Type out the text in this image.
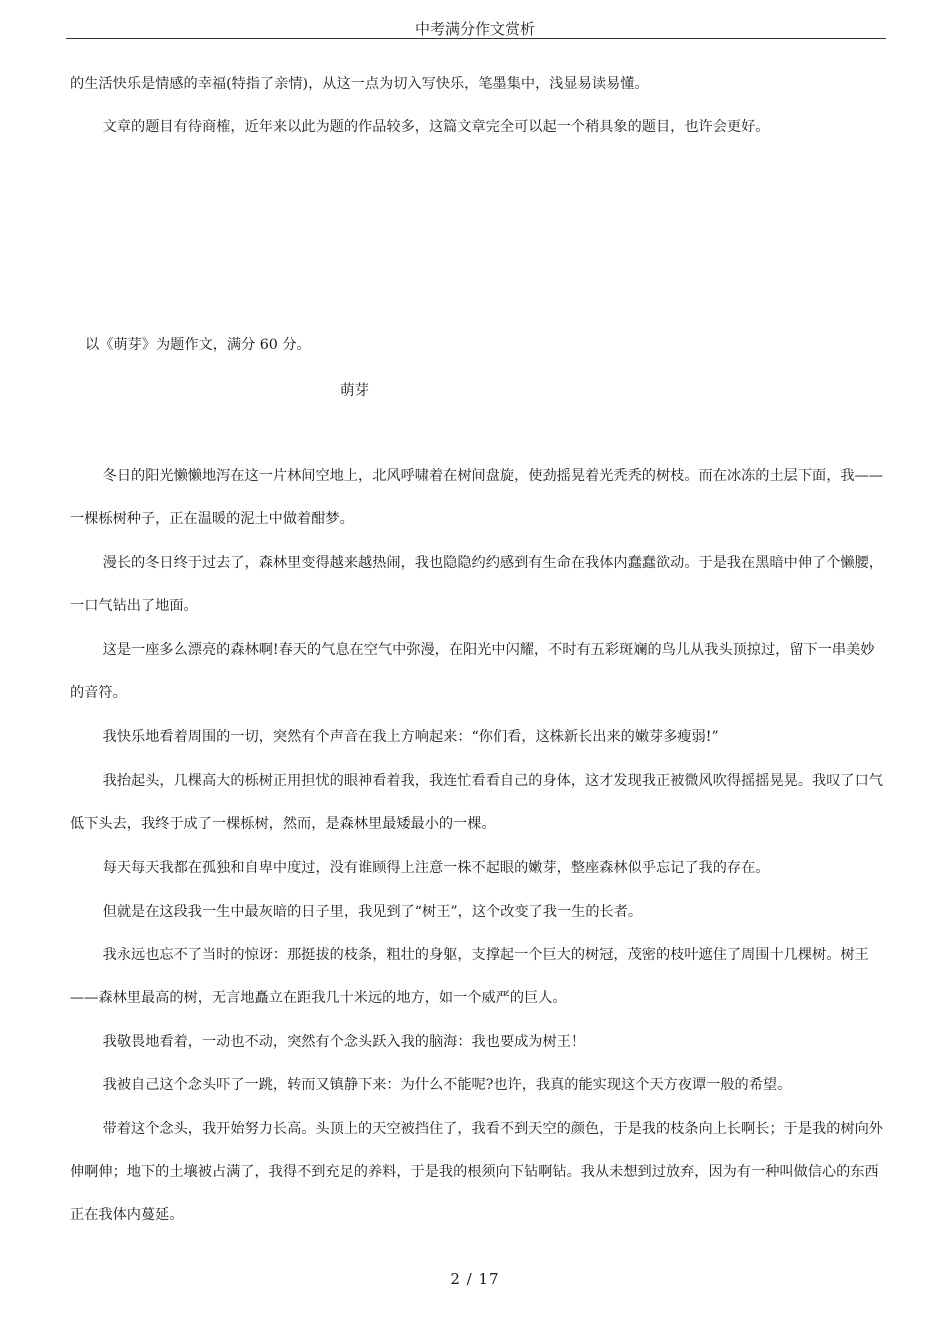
中考满分作文赏析

的生活快乐是情感的幸福(特指了亲情)，从这一点为切入写快乐，笔墨集中，浅显易读易懂。

文章的题目有待商榷，近年来以此为题的作品较多，这篇文章完全可以起一个稍具象的题目，也许会更好。

以《萌芽》为题作文，满分 60 分。
萌芽

冬日的阳光懒懒地泻在这一片林间空地上，北风呼啸着在树间盘旋，使劲摇晃着光秃秃的树枝。而在冰冻的土层下面，我——一棵栎树种子，正在温暖的泥土中做着酣梦。

漫长的冬日终于过去了，森林里变得越来越热闹，我也隐隐约约感到有生命在我体内蠢蠢欲动。于是我在黑暗中伸了个懒腰，一口气钻出了地面。

这是一座多么漂亮的森林啊!春天的气息在空气中弥漫，在阳光中闪耀，不时有五彩斑斓的鸟儿从我头顶掠过，留下一串美妙的音符。

我快乐地看着周围的一切，突然有个声音在我上方响起来：“你们看，这株新长出来的嫩芽多瘦弱!”

我抬起头，几棵高大的栎树正用担忧的眼神看着我，我连忙看看自己的身体，这才发现我正被微风吹得摇摇晃晃。我叹了口气低下头去，我终于成了一棵栎树，然而，是森林里最矮最小的一棵。

每天每天我都在孤独和自卑中度过，没有谁顾得上注意一株不起眼的嫩芽，整座森林似乎忘记了我的存在。

但就是在这段我一生中最灰暗的日子里，我见到了“树王”，这个改变了我一生的长者。

我永远也忘不了当时的惊讶：那挺拔的枝条，粗壮的身躯，支撑起一个巨大的树冠，茂密的枝叶遮住了周围十几棵树。树王——森林里最高的树，无言地矗立在距我几十米远的地方，如一个威严的巨人。

我敬畏地看着，一动也不动，突然有个念头跃入我的脑海：我也要成为树王！

我被自己这个念头吓了一跳，转而又镇静下来：为什么不能呢?也许，我真的能实现这个天方夜谭一般的希望。

带着这个念头，我开始努力长高。头顶上的天空被挡住了，我看不到天空的颜色，于是我的枝条向上长啊长；于是我的树向外伸啊伸；地下的土壤被占满了，我得不到充足的养料，于是我的根须向下钻啊钻。我从未想到过放弃，因为有一种叫做信心的东西正在我体内蔓延。

2 / 17
